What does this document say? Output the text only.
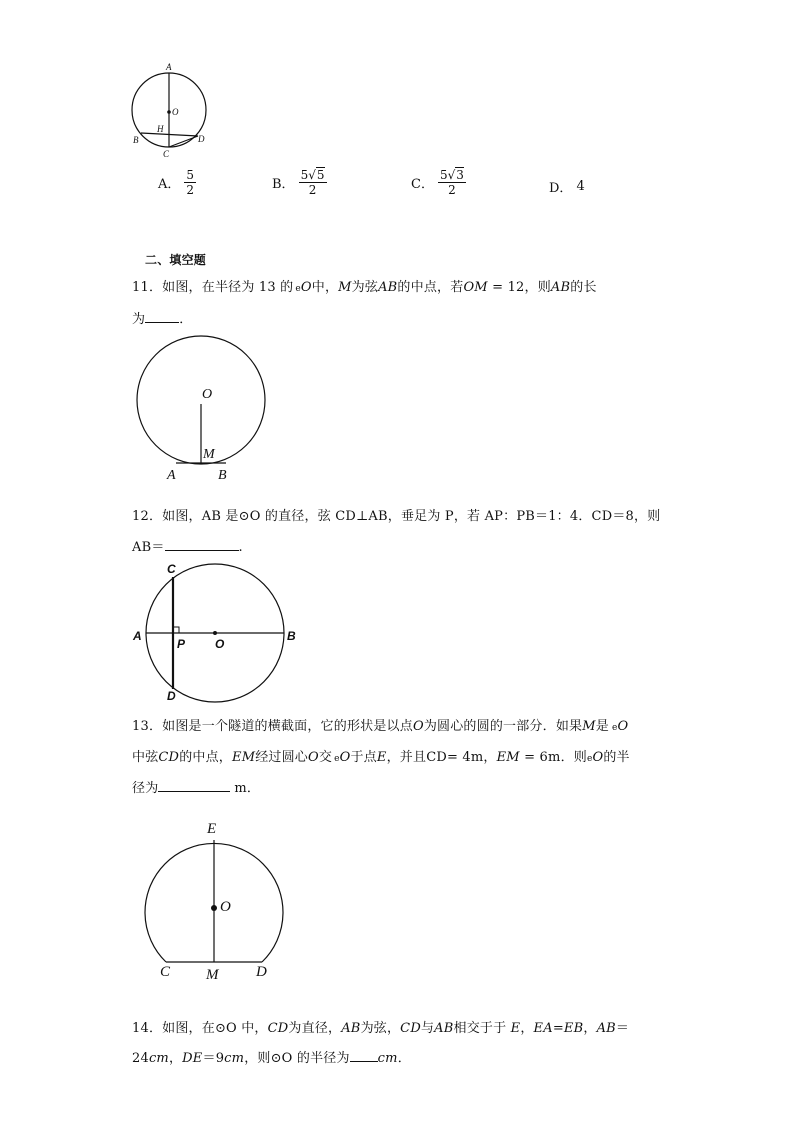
A
O
H
B
C
D
A． $\frac{5}{2}$	B． $\frac{5√5}{2}$	C． $\frac{5√3}{2}$	D． 4
二、填空题
11．如图，在半径为 13 的 eO中，M为弦AB的中点，若OM = 12，则AB的长
为	．
O
M
A	B
12．如图，AB 是⊙O 的直径，弦 CD⊥AB，垂足为 P，若 AP：PB＝1：4．CD＝8，则
AB＝	.
C
A
P O
B
D
13．如图是一个隧道的横截面，它的形状是以点O为圆心的圆的一部分．如果M是 eO
中弦CD的中点，EM经过圆心O交 eO于点E，并且CD= 4m，EM = 6m．则eO的半
径为	m．
E
O
C M	D
14．如图，在⊙O 中，CD为直径，AB为弦，CD与AB相交于于 E，EA=EB，AB＝
24cm，DE＝9cm，则⊙O 的半径为 cm．
